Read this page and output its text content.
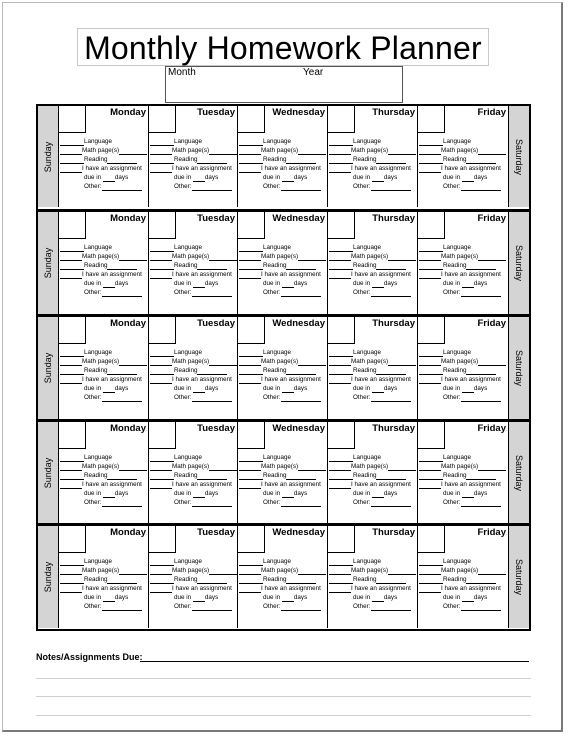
Monthly Homework Planner
Month	Year
Sunday
Monday
Language
Math page(s)
Reading
I have an assignment
due in days
Other:
Tuesday
Language
Math page(s)
Reading
I have an assignment
due in days
Other:
Wednesday
Language
Math page(s)
Reading
I have an assignment
due in days
Other:
Thursday
Language
Math page(s)
Reading
I have an assignment
due in days
Other:
Friday
Language
Math page(s)
Reading
I have an assignment
due in days
Other:
Saturday
Sunday
Monday
Language
Math page(s)
Reading
I have an assignment
due in days
Other:
Tuesday
Language
Math page(s)
Reading
I have an assignment
due in days
Other:
Wednesday
Language
Math page(s)
Reading
I have an assignment
due in days
Other:
Thursday
Language
Math page(s)
Reading
I have an assignment
due in days
Other:
Friday
Language
Math page(s)
Reading
I have an assignment
due in days
Other:
Saturday
Sunday
Monday
Language
Math page(s)
Reading
I have an assignment
due in days
Other:
Tuesday
Language
Math page(s)
Reading
I have an assignment
due in days
Other:
Wednesday
Language
Math page(s)
Reading
I have an assignment
due in days
Other:
Thursday
Language
Math page(s)
Reading
I have an assignment
due in days
Other:
Friday
Language
Math page(s)
Reading
I have an assignment
due in days
Other:
Saturday
Sunday
Monday
Language
Math page(s)
Reading
I have an assignment
due in days
Other:
Tuesday
Language
Math page(s)
Reading
I have an assignment
due in days
Other:
Wednesday
Language
Math page(s)
Reading
I have an assignment
due in days
Other:
Thursday
Language
Math page(s)
Reading
I have an assignment
due in days
Other:
Friday
Language
Math page(s)
Reading
I have an assignment
due in days
Other:
Saturday
Sunday
Monday
Language
Math page(s)
Reading
I have an assignment
due in days
Other:
Tuesday
Language
Math page(s)
Reading
I have an assignment
due in days
Other:
Wednesday
Language
Math page(s)
Reading
I have an assignment
due in days
Other:
Thursday
Language
Math page(s)
Reading
I have an assignment
due in days
Other:
Friday
Language
Math page(s)
Reading
I have an assignment
due in days
Other:
Saturday
Notes/Assignments Due:
